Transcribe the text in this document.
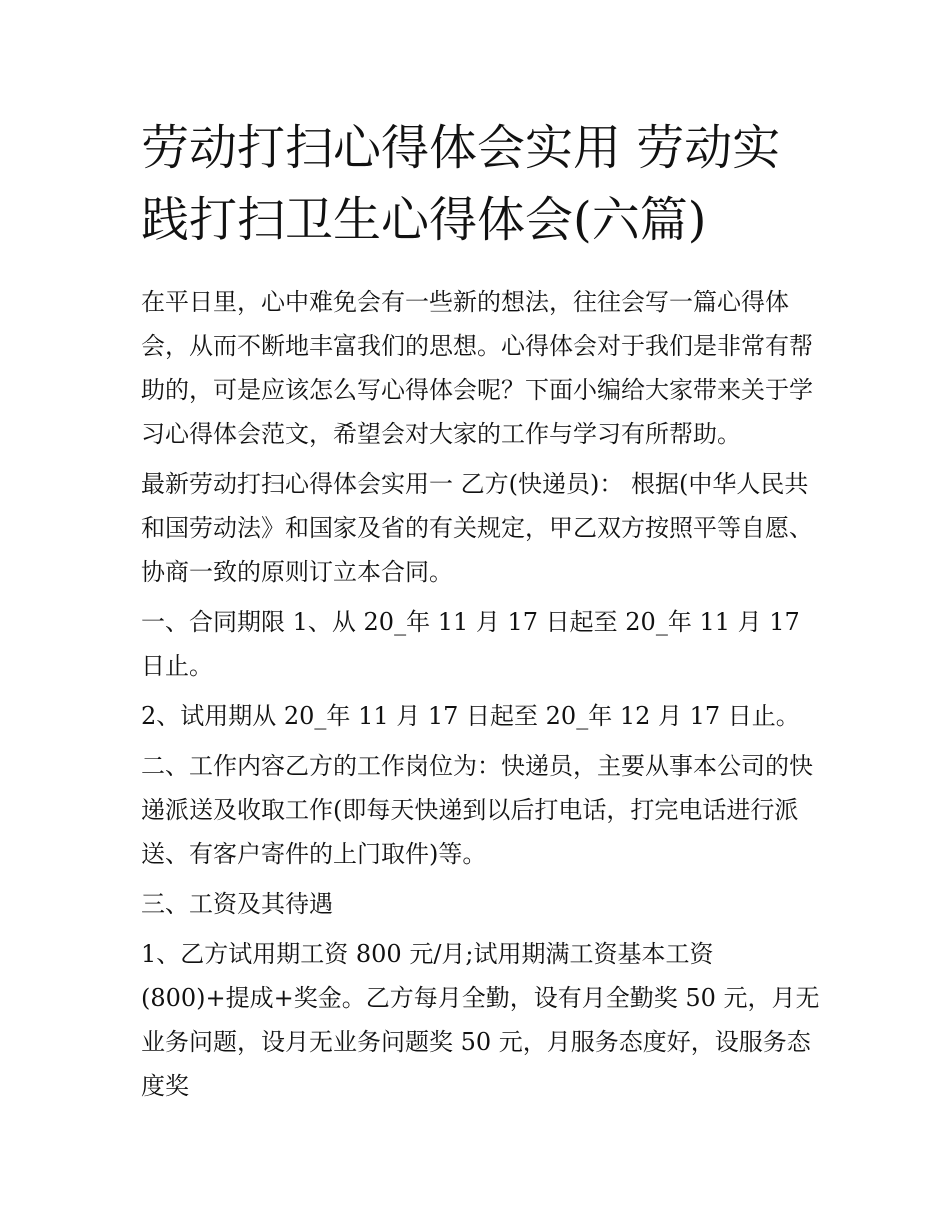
劳动打扫心得体会实用 劳动实践打扫卫生心得体会(六篇)

在平日里，心中难免会有一些新的想法，往往会写一篇心得体会，从而不断地丰富我们的思想。心得体会对于我们是非常有帮助的，可是应该怎么写心得体会呢？下面小编给大家带来关于学习心得体会范文，希望会对大家的工作与学习有所帮助。

最新劳动打扫心得体会实用一 乙方(快递员)： 根据(中华人民共和国劳动法》和国家及省的有关规定，甲乙双方按照平等自愿、协商一致的原则订立本合同。

一、合同期限 1、从 20_年 11 月 17 日起至 20_年 11 月 17 日止。

2、试用期从 20_年 11 月 17 日起至 20_年 12 月 17 日止。

二、工作内容乙方的工作岗位为：快递员，主要从事本公司的快递派送及收取工作(即每天快递到以后打电话，打完电话进行派送、有客户寄件的上门取件)等。

三、工资及其待遇

1、乙方试用期工资 800 元/月;试用期满工资基本工资(800)+提成+奖金。乙方每月全勤，设有月全勤奖 50 元，月无业务问题，设月无业务问题奖 50 元，月服务态度好，设服务态度奖
